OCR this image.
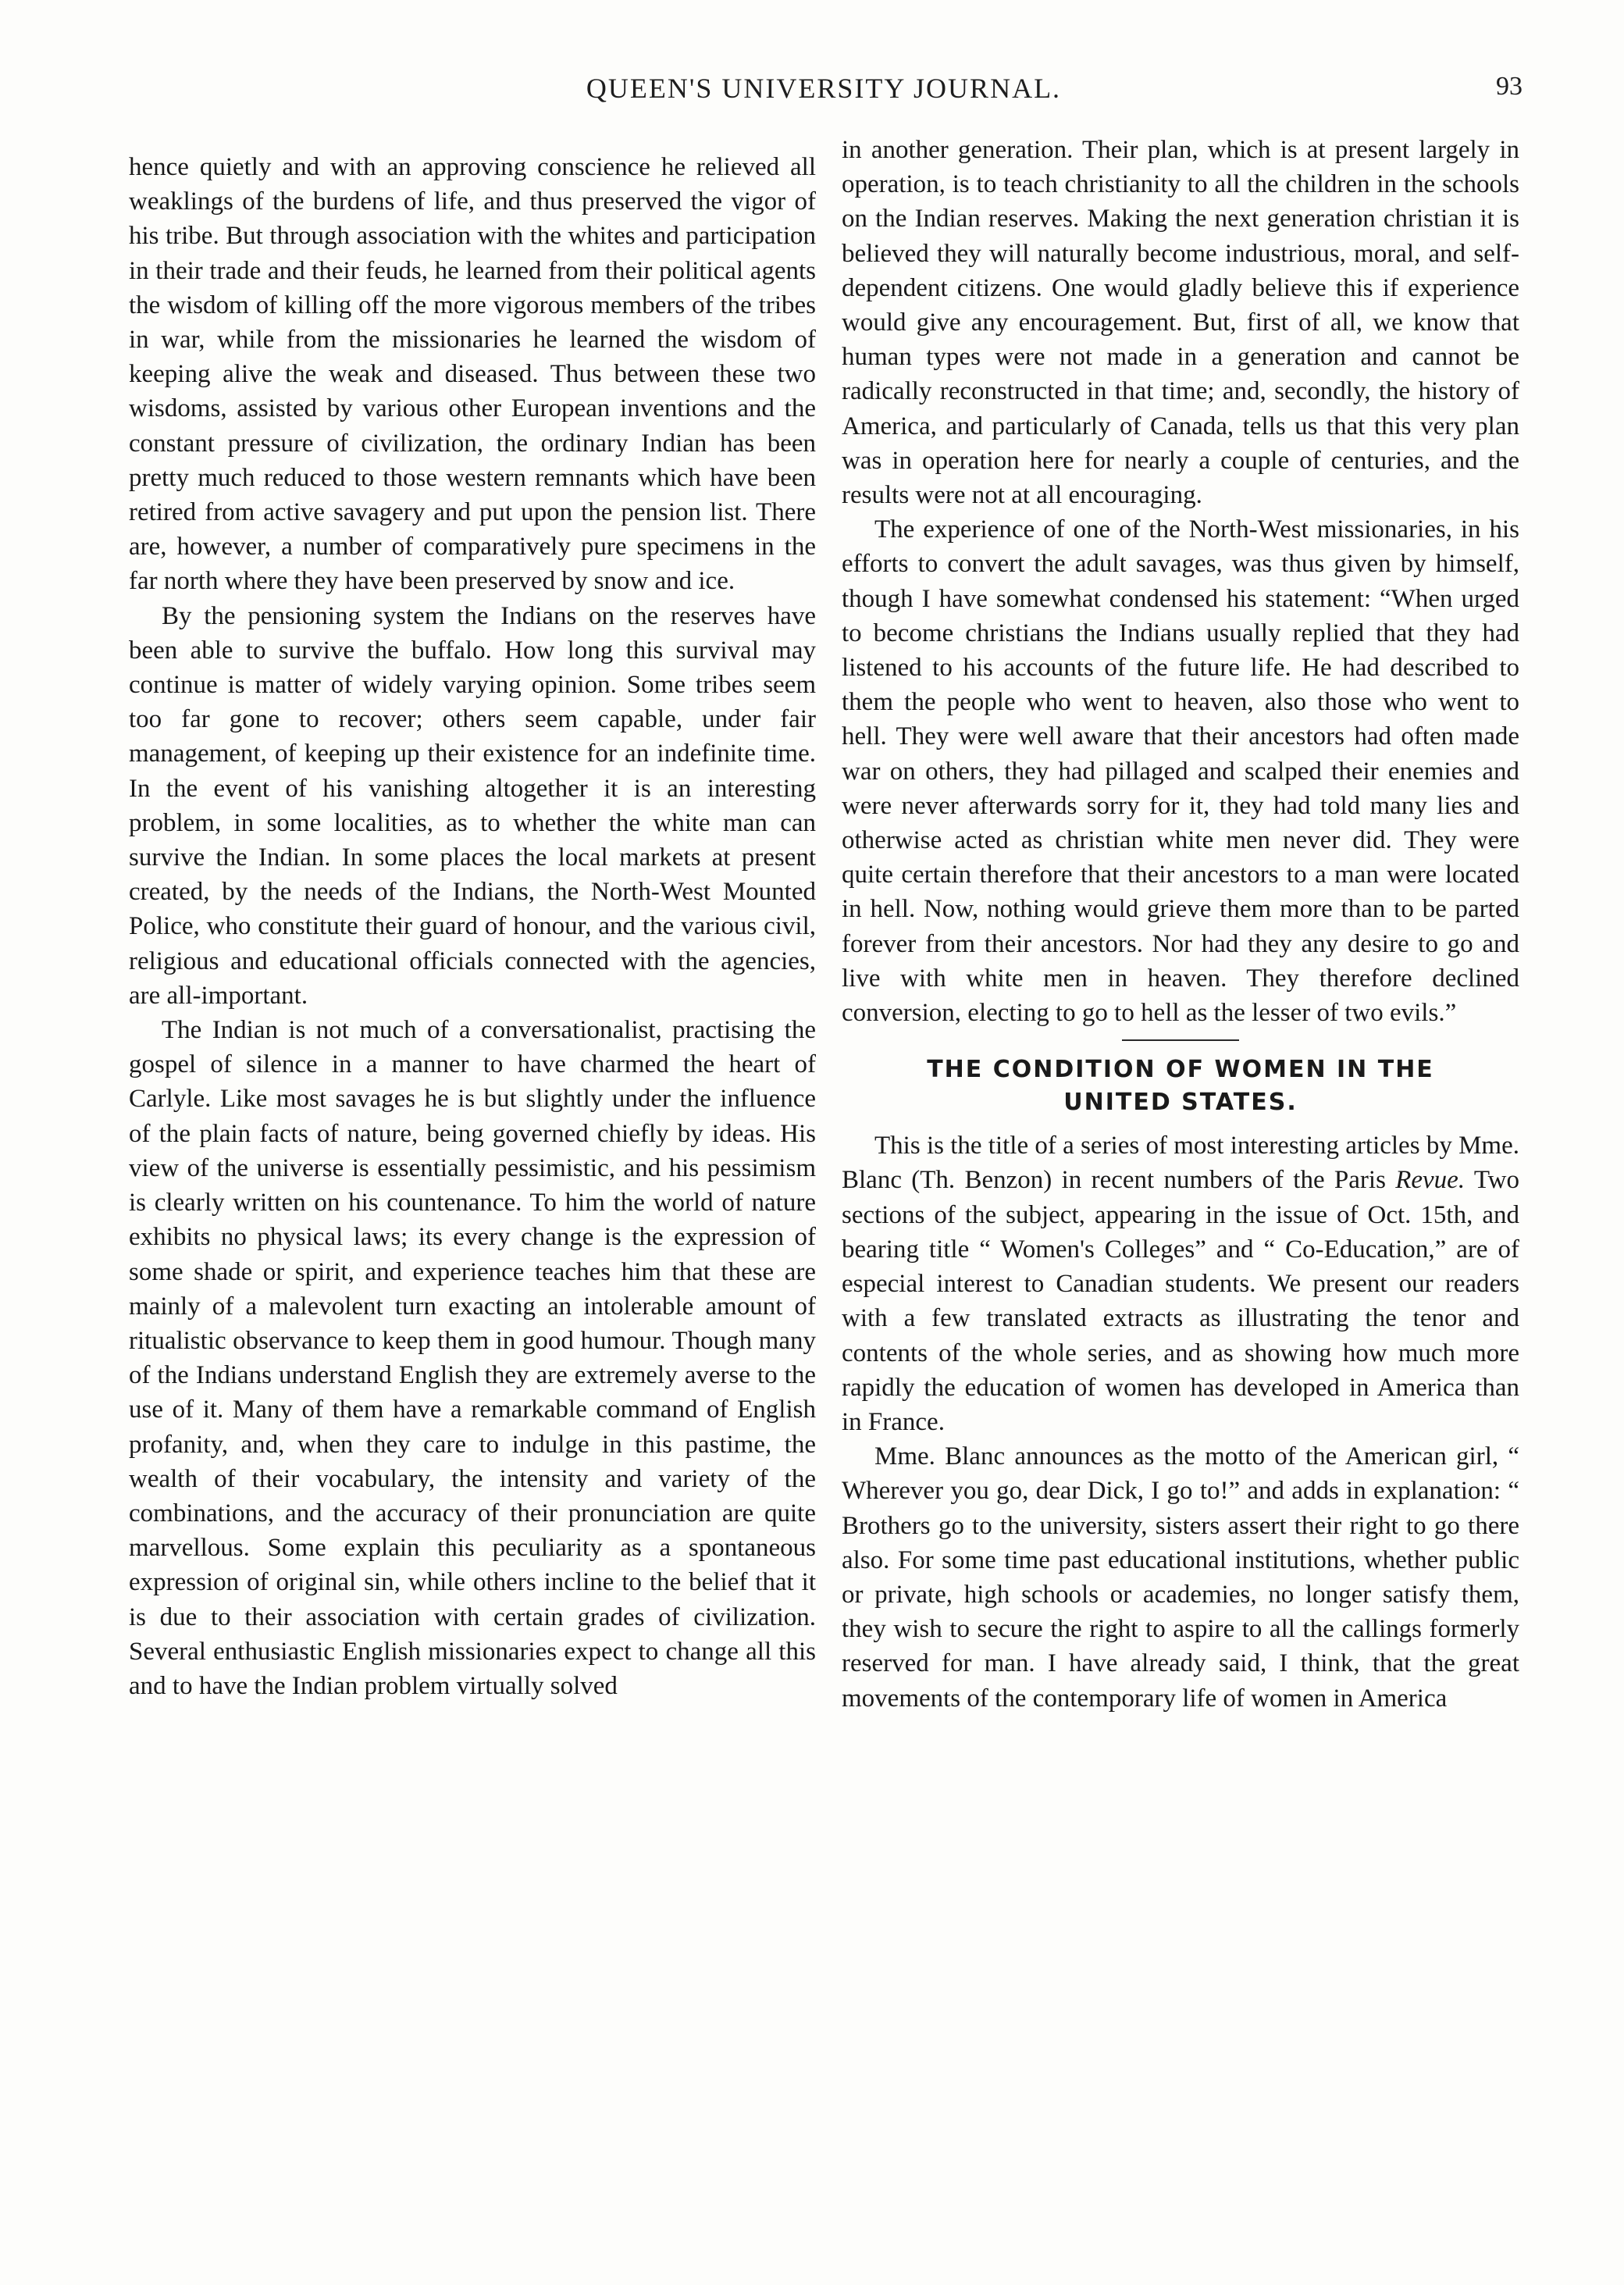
QUEEN'S UNIVERSITY JOURNAL.	93

hence quietly and with an approving conscience he relieved all weaklings of the burdens of life, and thus preserved the vigor of his tribe. But through association with the whites and participation in their trade and their feuds, he learned from their political agents the wisdom of killing off the more vigorous members of the tribes in war, while from the missionaries he learned the wisdom of keeping alive the weak and diseased. Thus between these two wisdoms, assisted by various other European inventions and the constant pressure of civilization, the ordinary Indian has been pretty much reduced to those western remnants which have been retired from active savagery and put upon the pension list. There are, however, a number of comparatively pure specimens in the far north where they have been preserved by snow and ice.

By the pensioning system the Indians on the reserves have been able to survive the buffalo. How long this survival may continue is matter of widely varying opinion. Some tribes seem too far gone to recover; others seem capable, under fair management, of keeping up their existence for an indefinite time. In the event of his vanishing altogether it is an interesting problem, in some localities, as to whether the white man can survive the Indian. In some places the local markets at present created, by the needs of the Indians, the North-West Mounted Police, who constitute their guard of honour, and the various civil, religious and educational officials connected with the agencies, are all-important.

The Indian is not much of a conversationalist, practising the gospel of silence in a manner to have charmed the heart of Carlyle. Like most savages he is but slightly under the influence of the plain facts of nature, being governed chiefly by ideas. His view of the universe is essentially pessimistic, and his pessimism is clearly written on his countenance. To him the world of nature exhibits no physical laws; its every change is the expression of some shade or spirit, and experience teaches him that these are mainly of a malevolent turn exacting an intolerable amount of ritualistic observance to keep them in good humour. Though many of the Indians understand English they are extremely averse to the use of it. Many of them have a remarkable command of English profanity, and, when they care to indulge in this pastime, the wealth of their vocabulary, the intensity and variety of the combinations, and the accuracy of their pronunciation are quite marvellous. Some explain this peculiarity as a spontaneous expression of original sin, while others incline to the belief that it is due to their association with certain grades of civilization. Several enthusiastic English missionaries expect to change all this and to have the Indian problem virtually solved

in another generation. Their plan, which is at present largely in operation, is to teach christianity to all the children in the schools on the Indian reserves. Making the next generation christian it is believed they will naturally become industrious, moral, and self-dependent citizens. One would gladly believe this if experience would give any encouragement. But, first of all, we know that human types were not made in a generation and cannot be radically reconstructed in that time; and, secondly, the history of America, and particularly of Canada, tells us that this very plan was in operation here for nearly a couple of centuries, and the results were not at all encouraging.

The experience of one of the North-West missionaries, in his efforts to convert the adult savages, was thus given by himself, though I have somewhat condensed his statement: “When urged to become christians the Indians usually replied that they had listened to his accounts of the future life. He had described to them the people who went to heaven, also those who went to hell. They were well aware that their ancestors had often made war on others, they had pillaged and scalped their enemies and were never afterwards sorry for it, they had told many lies and otherwise acted as christian white men never did. They were quite certain therefore that their ancestors to a man were located in hell. Now, nothing would grieve them more than to be parted forever from their ancestors. Nor had they any desire to go and live with white men in heaven. They therefore declined conversion, electing to go to hell as the lesser of two evils.”

THE CONDITION OF WOMEN IN THE
UNITED STATES.

This is the title of a series of most interesting articles by Mme. Blanc (Th. Benzon) in recent numbers of the Paris Revue. Two sections of the subject, appearing in the issue of Oct. 15th, and bearing title “ Women's Colleges” and “ Co-Education,” are of especial interest to Canadian students. We present our readers with a few translated extracts as illustrating the tenor and contents of the whole series, and as showing how much more rapidly the education of women has developed in America than in France.

Mme. Blanc announces as the motto of the American girl, “ Wherever you go, dear Dick, I go to!” and adds in explanation: “ Brothers go to the university, sisters assert their right to go there also. For some time past educational institutions, whether public or private, high schools or academies, no longer satisfy them, they wish to secure the right to aspire to all the callings formerly reserved for man. I have already said, I think, that the great movements of the contemporary life of women in America
